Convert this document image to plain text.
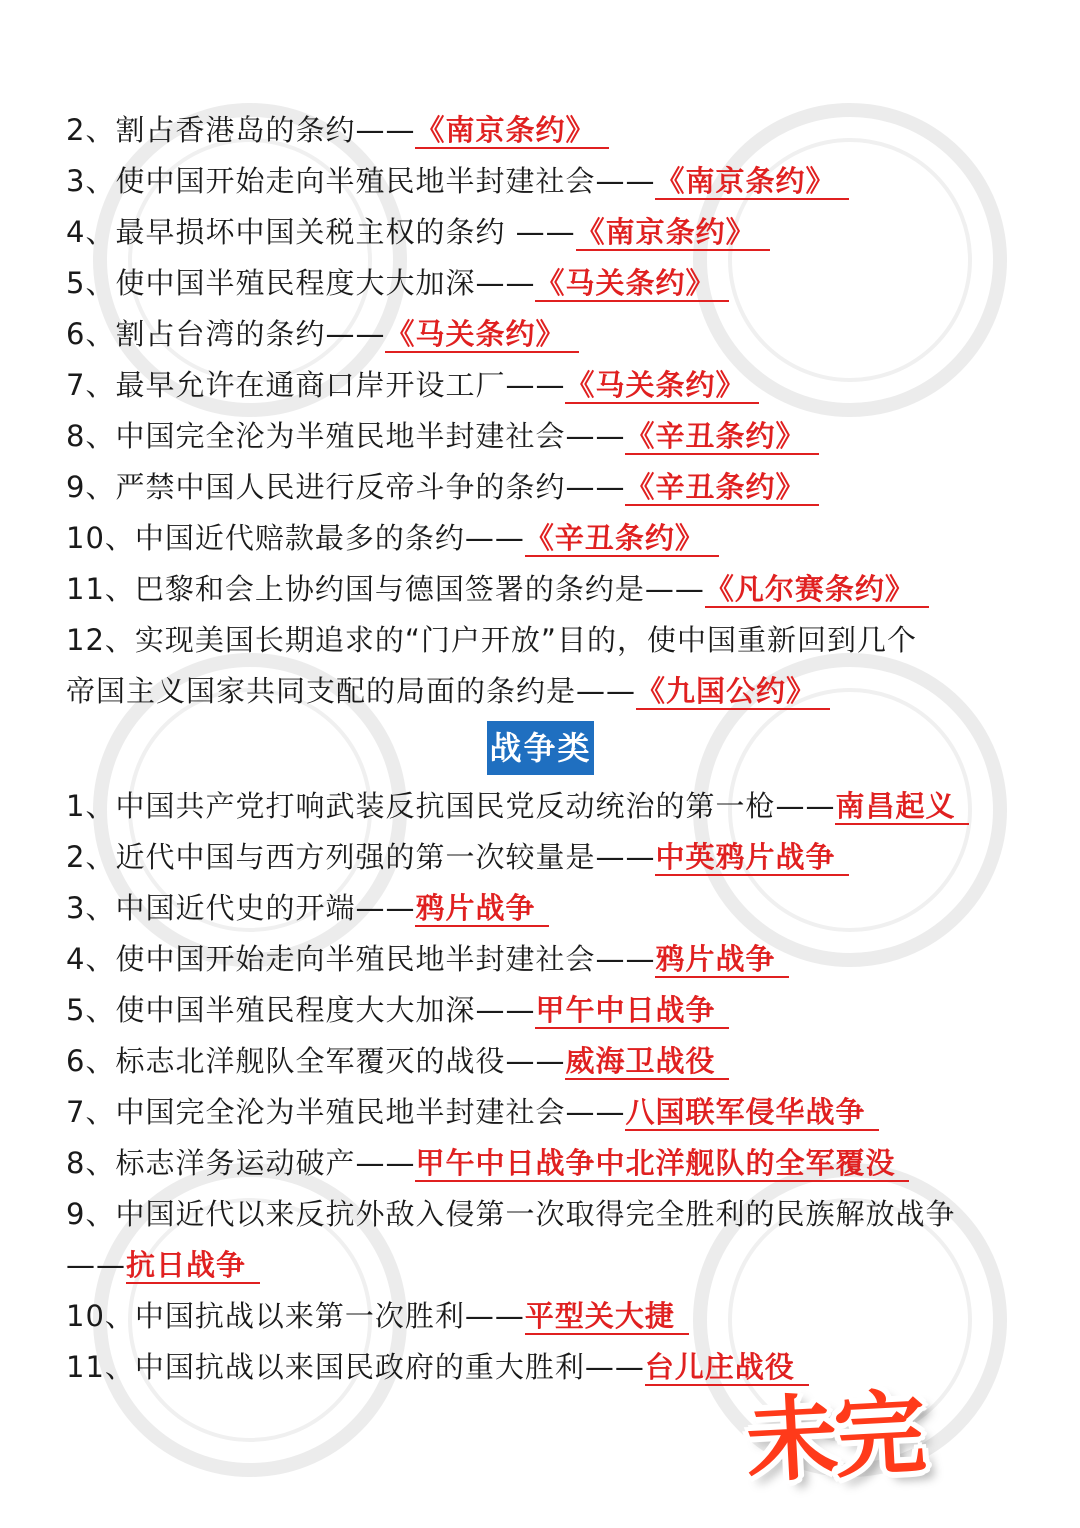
2、割占香港岛的条约——《南京条约》
3、使中国开始走向半殖民地半封建社会——《南京条约》
4、最早损坏中国关税主权的条约 ——《南京条约》
5、使中国半殖民程度大大加深——《马关条约》
6、割占台湾的条约——《马关条约》
7、最早允许在通商口岸开设工厂——《马关条约》
8、中国完全沦为半殖民地半封建社会——《辛丑条约》
9、严禁中国人民进行反帝斗争的条约——《辛丑条约》
10、中国近代赔款最多的条约——《辛丑条约》
11、巴黎和会上协约国与德国签署的条约是——《凡尔赛条约》
12、实现美国长期追求的“门户开放”目的，使中国重新回到几个
帝国主义国家共同支配的局面的条约是——《九国公约》
战争类
1、中国共产党打响武装反抗国民党反动统治的第一枪——南昌起义
2、近代中国与西方列强的第一次较量是——中英鸦片战争
3、中国近代史的开端——鸦片战争
4、使中国开始走向半殖民地半封建社会——鸦片战争
5、使中国半殖民程度大大加深——甲午中日战争
6、标志北洋舰队全军覆灭的战役——威海卫战役
7、中国完全沦为半殖民地半封建社会——八国联军侵华战争
8、标志洋务运动破产——甲午中日战争中北洋舰队的全军覆没
9、中国近代以来反抗外敌入侵第一次取得完全胜利的民族解放战争
——抗日战争
10、中国抗战以来第一次胜利——平型关大捷
11、中国抗战以来国民政府的重大胜利——台儿庄战役
未完
